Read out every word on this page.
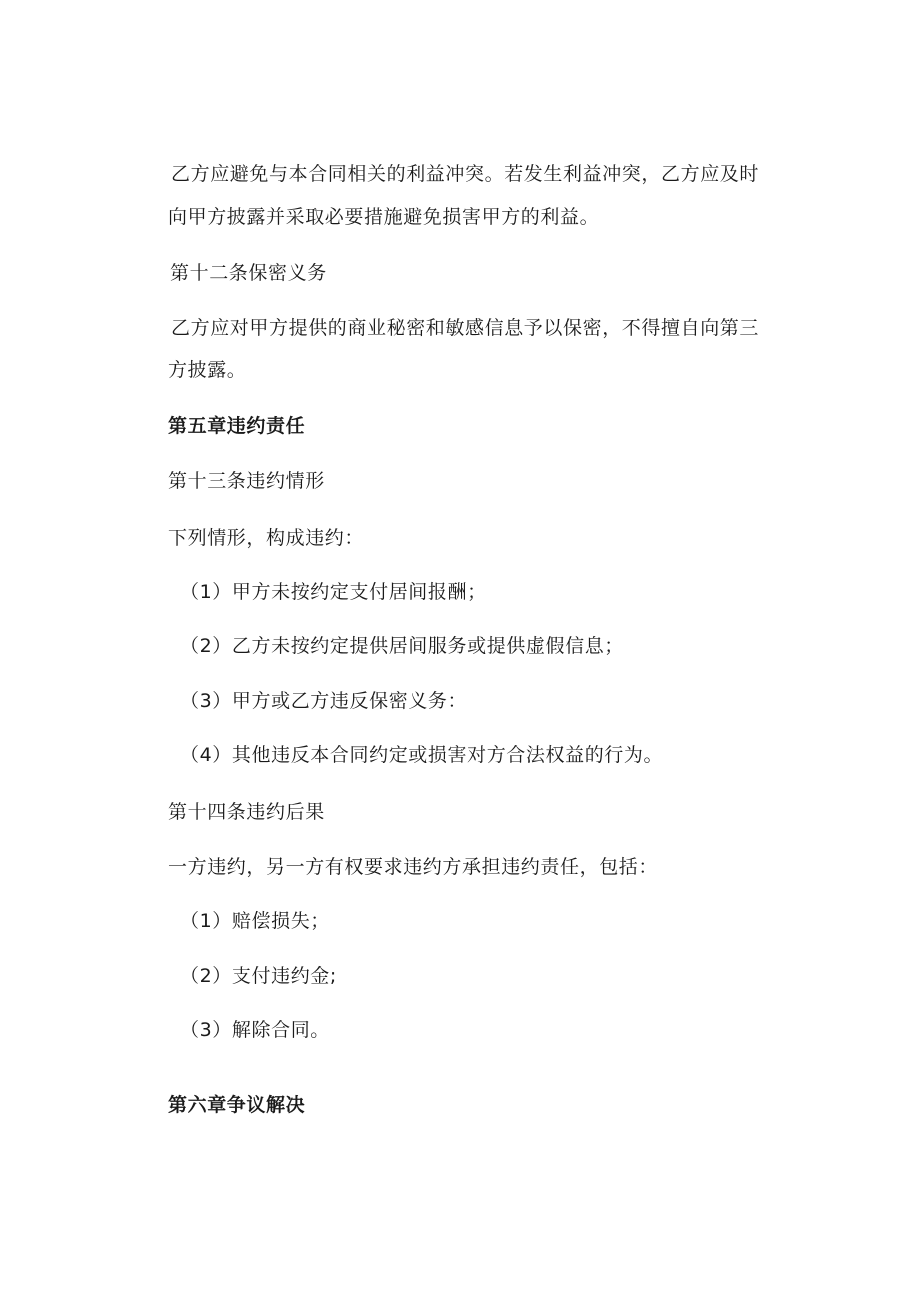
乙方应避免与本合同相关的利益冲突。若发生利益冲突，乙方应及时
向甲方披露并采取必要措施避免损害甲方的利益。
第十二条保密义务
乙方应对甲方提供的商业秘密和敏感信息予以保密，不得擅自向第三
方披露。
第五章违约责任
第十三条违约情形
下列情形，构成违约：
（1）甲方未按约定支付居间报酬；
（2）乙方未按约定提供居间服务或提供虚假信息；
（3）甲方或乙方违反保密义务：
（4）其他违反本合同约定或损害对方合法权益的行为。
第十四条违约后果
一方违约，另一方有权要求违约方承担违约责任，包括：
（1）赔偿损失；
（2）支付违约金;
（3）解除合同。
第六章争议解决
